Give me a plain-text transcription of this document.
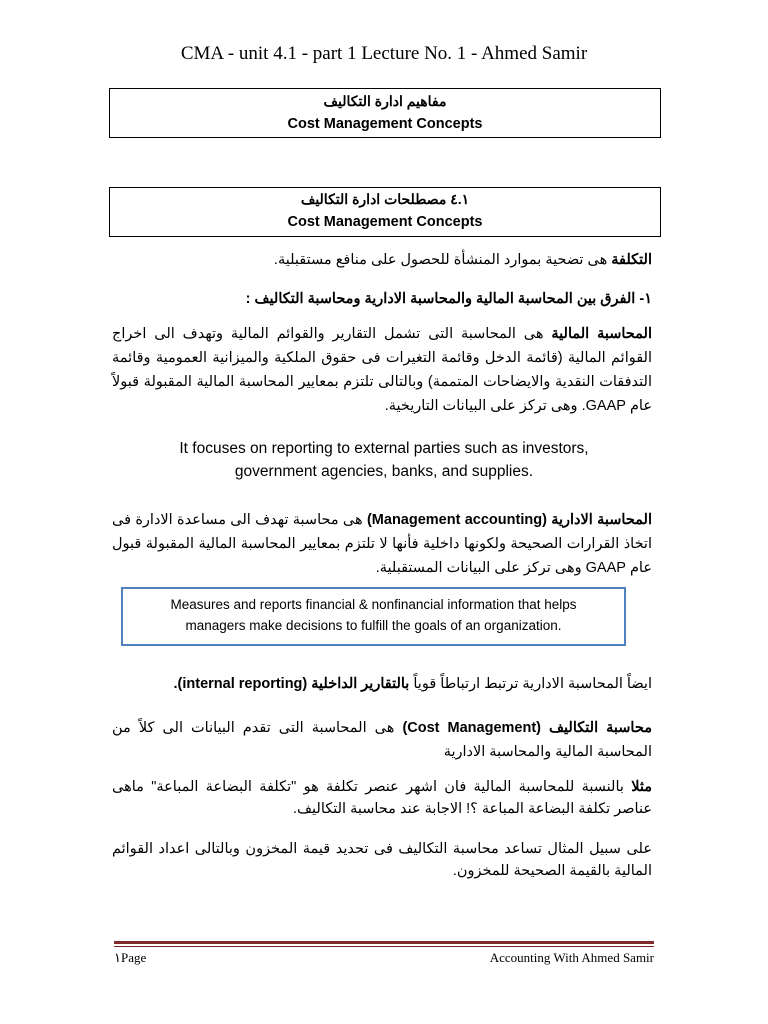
CMA - unit 4.1 - part 1 Lecture No. 1 - Ahmed Samir
مفاهيم ادارة التكاليف
Cost Management Concepts
٤.١ مصطلحات ادارة التكاليف
Cost Management Concepts
التكلفة هى تضحية بموارد المنشأة للحصول على منافع مستقبلية.
١- الفرق بين المحاسبة المالية والمحاسبة الادارية ومحاسبة التكاليف :
المحاسبة المالية هى المحاسبة التى تشمل التقارير والقوائم المالية وتهدف الى اخراج القوائم المالية (قائمة الدخل وقائمة التغيرات فى حقوق الملكية والميزانية العمومية وقائمة التدفقات النقدية والايضاحات المتممة) وبالتالى تلتزم بمعايير المحاسبة المالية المقبولة قبولاً عام GAAP. وهى تركز على البيانات التاريخية.
It focuses on reporting to external parties such as investors,
government agencies, banks, and supplies.
المحاسبة الادارية (Management accounting) هى محاسبة تهدف الى مساعدة الادارة فى اتخاذ القرارات الصحيحة ولكونها داخلية فأنها لا تلتزم بمعايير المحاسبة المالية المقبولة قبول عام GAAP وهى تركز على البيانات المستقبلية.
Measures and reports financial & nonfinancial information that helps
managers make decisions to fulfill the goals of an organization.
ايضاً المحاسبة الادارية ترتبط ارتباطاً قوياً بالتقارير الداخلية (internal reporting).
محاسبة التكاليف (Cost Management) هى المحاسبة التى تقدم البيانات الى كلاً من المحاسبة المالية والمحاسبة الادارية
مثلا بالنسبة للمحاسبة المالية فان اشهر عنصر تكلفة هو "تكلفة البضاعة المباعة" ماهى عناصر تكلفة البضاعة المباعة ؟! الاجابة عند محاسبة التكاليف.
على سبيل المثال تساعد محاسبة التكاليف فى تحديد قيمة المخزون وبالتالى اعداد القوائم المالية بالقيمة الصحيحة للمخزون.
١Page	Accounting With Ahmed Samir
